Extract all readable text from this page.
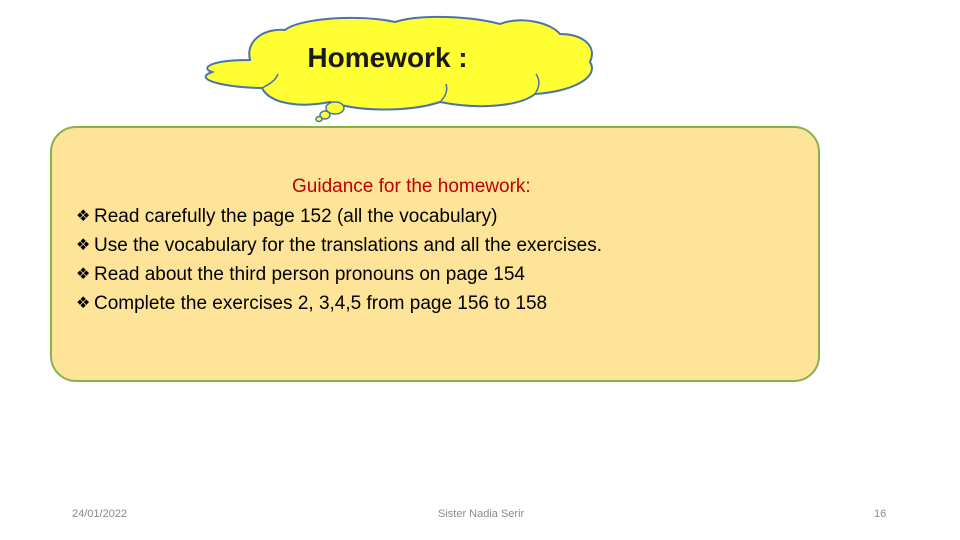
Homework :
Guidance for the homework:
❖ Read carefully the page 152 (all the vocabulary)
❖ Use the vocabulary for the translations and all the exercises.
❖ Read about the third person pronouns on page 154
❖ Complete the exercises 2, 3,4,5 from page 156 to 158
24/01/2022	Sister Nadia Serir	16
